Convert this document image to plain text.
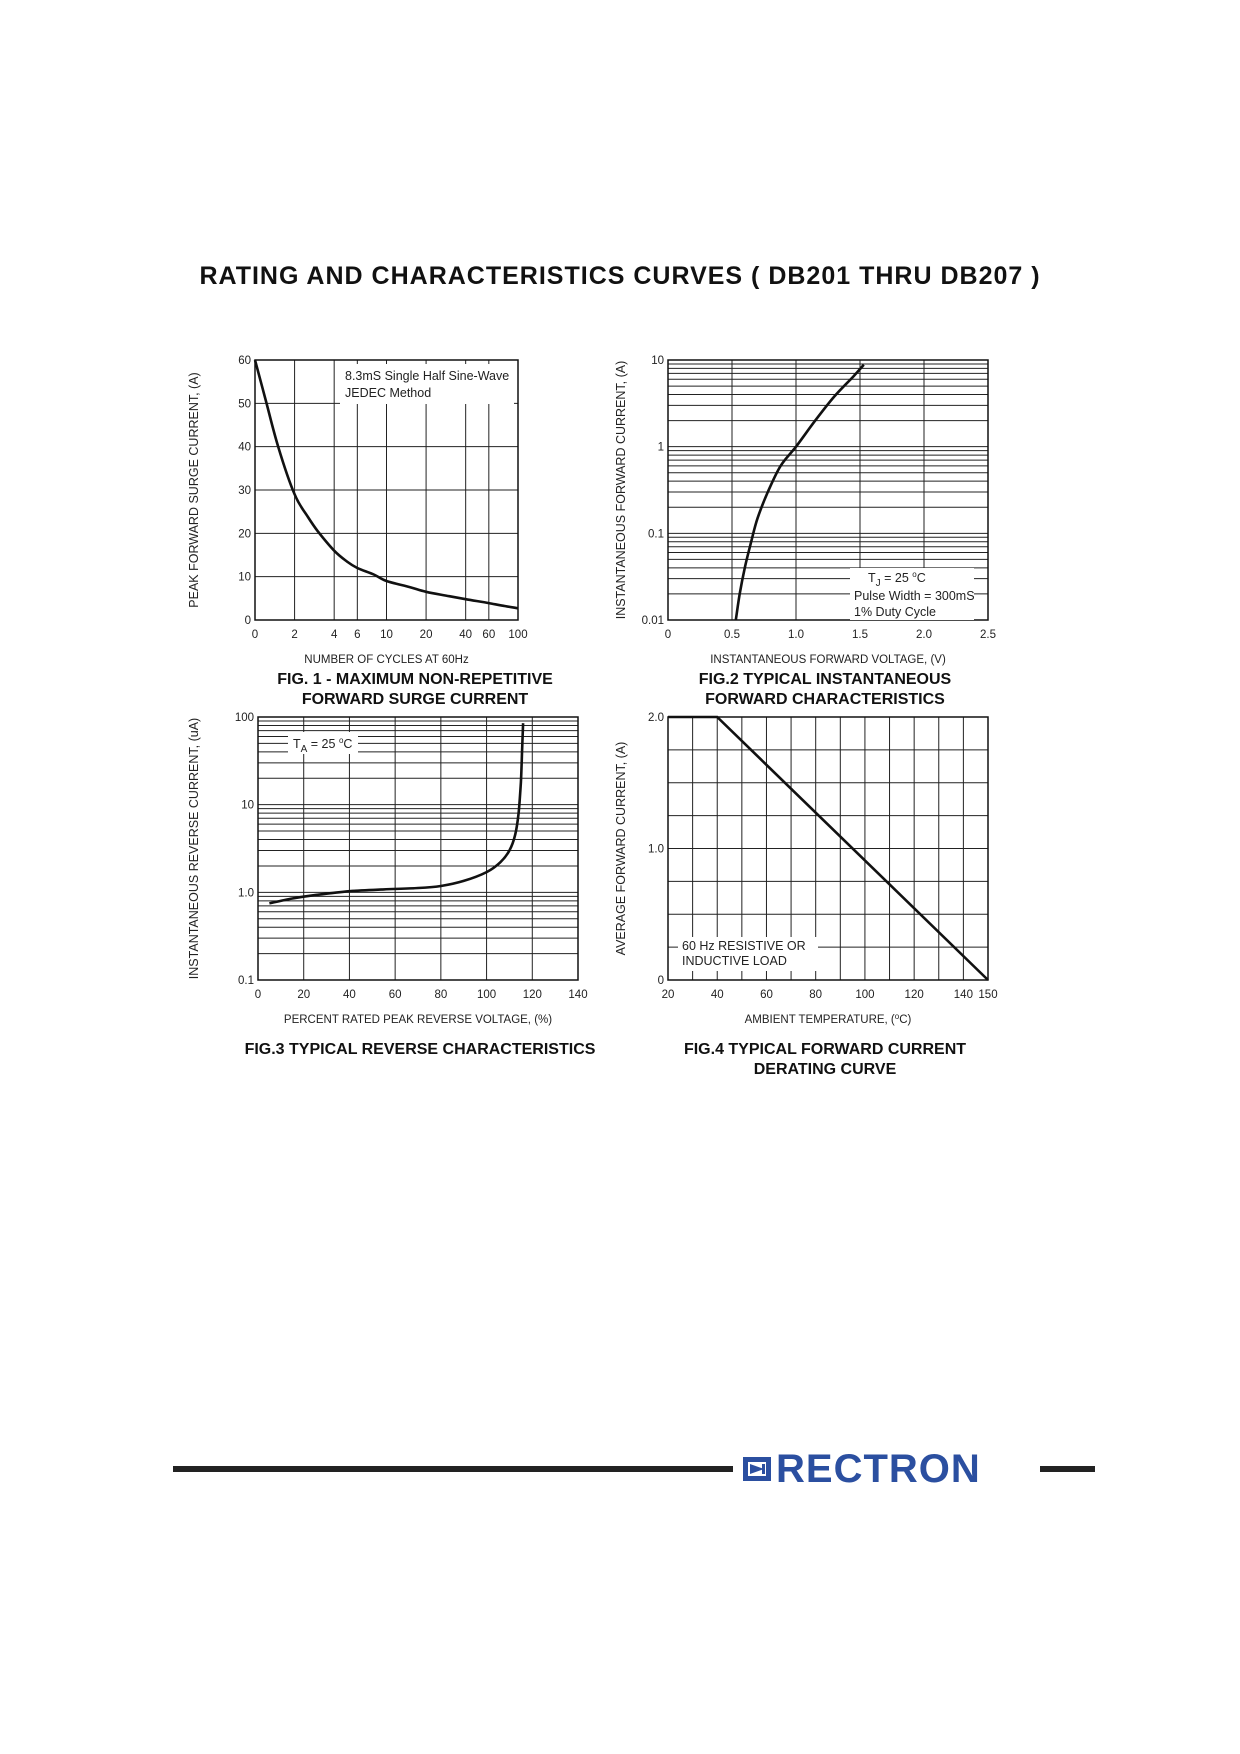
RATING AND CHARACTERISTICS CURVES ( DB201 THRU DB207 )
0	2	4 6 10 20 40 60 100
0
10
20
30
40
50
60
NUMBER OF CYCLES AT 60Hz
PEAK FORWARD SURGE CURRENT, (A)	8.3mS Single Half Sine-Wave
JEDEC Method
FIG. 1 - MAXIMUM NON-REPETITIVE
FORWARD SURGE CURRENT
0	0.5	1.0	1.5	2.0	2.5
0.01
0.1
1
10
INSTANTANEOUS FORWARD VOLTAGE, (V)
INSTANTANEOUS FORWARD CURRENT, (A)	$T_J = 25$ $^o$C
Pulse Width = 300mS
1% Duty Cycle
FIG.2 TYPICAL INSTANTANEOUS
FORWARD CHARACTERISTICS
0	20	40	60	80	100 120 140
0.1
1.0
10
100
PERCENT RATED PEAK REVERSE VOLTAGE, (%)
INSTANTANEOUS REVERSE CURRENT, (uA)	$T_A = 25$ $^o$C
FIG.3 TYPICAL REVERSE CHARACTERISTICS
20	40	60	80	100	120	140 150
0
1.0
2.0
AMBIENT TEMPERATURE, ($^o$C)
AVERAGE FORWARD CURRENT, (A)	60 Hz RESISTIVE OR
INDUCTIVE LOAD
FIG.4 TYPICAL FORWARD CURRENT
DERATING CURVE
RECTRON
